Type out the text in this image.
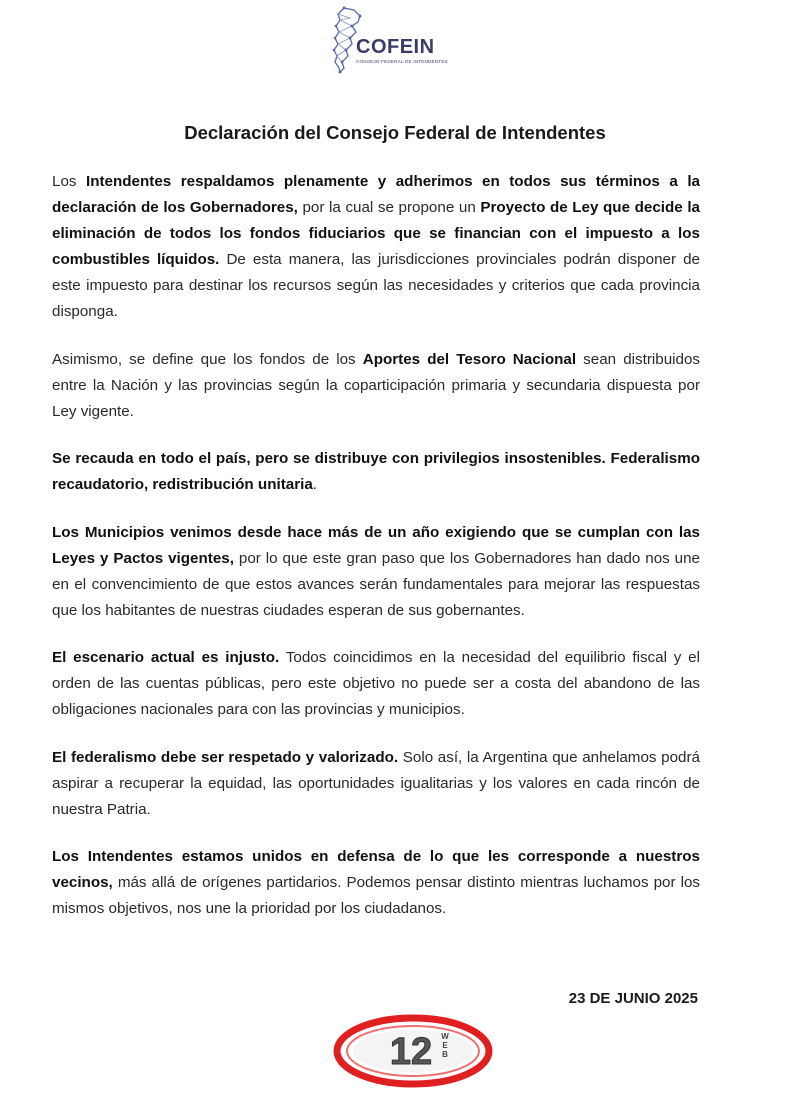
COFEIN
CONSEJO FEDERAL DE INTENDENTES
Declaración del Consejo Federal de Intendentes

Los Intendentes respaldamos plenamente y adherimos en todos sus términos a la declaración de los Gobernadores, por la cual se propone un Proyecto de Ley que decide la eliminación de todos los fondos fiduciarios que se financian con el impuesto a los combustibles líquidos. De esta manera, las jurisdicciones provinciales podrán disponer de este impuesto para destinar los recursos según las necesidades y criterios que cada provincia disponga.

Asimismo, se define que los fondos de los Aportes del Tesoro Nacional sean distribuidos entre la Nación y las provincias según la coparticipación primaria y secundaria dispuesta por Ley vigente.

Se recauda en todo el país, pero se distribuye con privilegios insostenibles. Federalismo recaudatorio, redistribución unitaria.

Los Municipios venimos desde hace más de un año exigiendo que se cumplan con las Leyes y Pactos vigentes, por lo que este gran paso que los Gobernadores han dado nos une en el convencimiento de que estos avances serán fundamentales para mejorar las respuestas que los habitantes de nuestras ciudades esperan de sus gobernantes.

El escenario actual es injusto. Todos coincidimos en la necesidad del equilibrio fiscal y el orden de las cuentas públicas, pero este objetivo no puede ser a costa del abandono de las obligaciones nacionales para con las provincias y municipios.

El federalismo debe ser respetado y valorizado. Solo así, la Argentina que anhelamos podrá aspirar a recuperar la equidad, las oportunidades igualitarias y los valores en cada rincón de nuestra Patria.

Los Intendentes estamos unidos en defensa de lo que les corresponde a nuestros vecinos, más allá de orígenes partidarios. Podemos pensar distinto mientras luchamos por los mismos objetivos, nos une la prioridad por los ciudadanos.

23 DE JUNIO 2025

12 W
E
B
